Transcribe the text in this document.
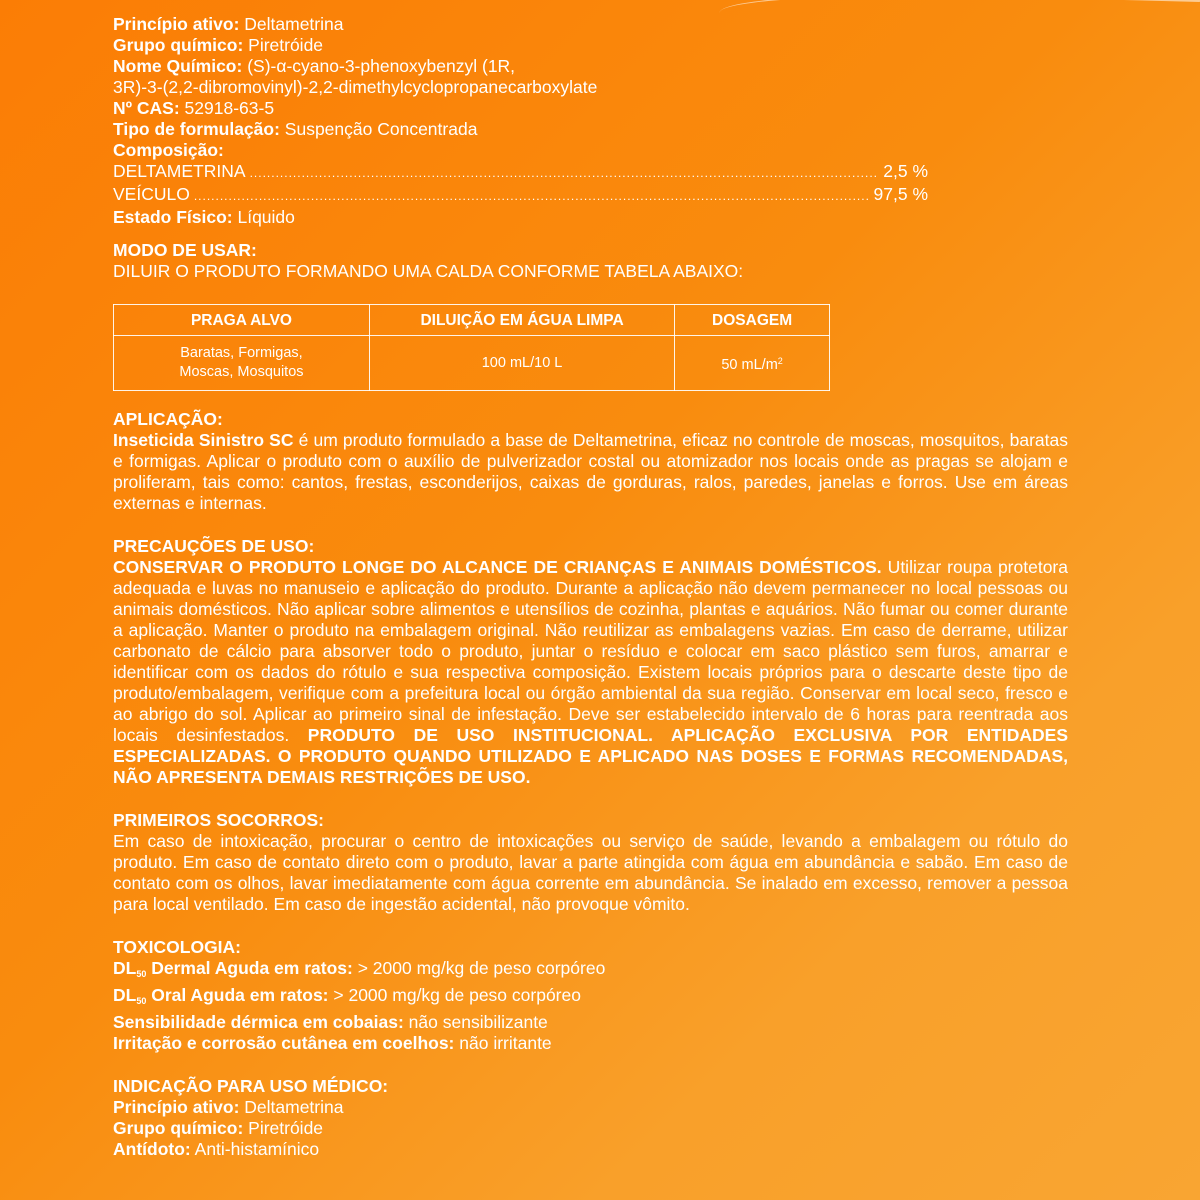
Princípio ativo: Deltametrina
Grupo químico: Piretróide
Nome Químico: (S)-α-cyano-3-phenoxybenzyl (1R,
3R)-3-(2,2-dibromovinyl)-2,2-dimethylcyclopropanecarboxylate
Nº CAS: 52918-63-5
Tipo de formulação: Suspenção Concentrada
Composição:
DELTAMETRINA .....	2,5 %
VEÍCULO .....	97,5 %
Estado Físico: Líquido
MODO DE USAR:
DILUIR O PRODUTO FORMANDO UMA CALDA CONFORME TABELA ABAIXO:
PRAGA ALVO	DILUIÇÃO EM ÁGUA LIMPA	DOSAGEM

Baratas, Formigas,
Moscas, Mosquitos	100 mL/10 L	50 $mL/m^2$
APLICAÇÃO:
Inseticida Sinistro SC é um produto formulado a base de Deltametrina, eficaz no controle de moscas, mosquitos, baratas e formigas. Aplicar o produto com o auxílio de pulverizador costal ou atomizador nos locais onde as pragas se alojam e proliferam, tais como: cantos, frestas, esconderijos, caixas de gorduras, ralos, paredes, janelas e forros. Use em áreas externas e internas.
PRECAUÇÕES DE USO:
CONSERVAR O PRODUTO LONGE DO ALCANCE DE CRIANÇAS E ANIMAIS DOMÉSTICOS. Utilizar roupa protetora adequada e luvas no manuseio e aplicação do produto. Durante a aplicação não devem permanecer no local pessoas ou animais domésticos. Não aplicar sobre alimentos e utensílios de cozinha, plantas e aquários. Não fumar ou comer durante a aplicação. Manter o produto na embalagem original. Não reutilizar as embalagens vazias. Em caso de derrame, utilizar carbonato de cálcio para absorver todo o produto, juntar o resíduo e colocar em saco plástico sem furos, amarrar e identificar com os dados do rótulo e sua respectiva composição. Existem locais próprios para o descarte deste tipo de produto/embalagem, verifique com a prefeitura local ou órgão ambiental da sua região. Conservar em local seco, fresco e ao abrigo do sol. Aplicar ao primeiro sinal de infestação. Deve ser estabelecido intervalo de 6 horas para reentrada aos locais desinfestados. PRODUTO DE USO INSTITUCIONAL. APLICAÇÃO EXCLUSIVA POR ENTIDADES ESPECIALIZADAS. O PRODUTO QUANDO UTILIZADO E APLICADO NAS DOSES E FORMAS RECOMENDADAS, NÃO APRESENTA DEMAIS RESTRIÇÕES DE USO.
PRIMEIROS SOCORROS:
Em caso de intoxicação, procurar o centro de intoxicações ou serviço de saúde, levando a embalagem ou rótulo do produto. Em caso de contato direto com o produto, lavar a parte atingida com água em abundância e sabão. Em caso de contato com os olhos, lavar imediatamente com água corrente em abundância. Se inalado em excesso, remover a pessoa para local ventilado. Em caso de ingestão acidental, não provoque vômito.
TOXICOLOGIA:
$DL_{50}$ Dermal Aguda em ratos: > 2000 mg/kg de peso corpóreo
$DL_{50}$ Oral Aguda em ratos: > 2000 mg/kg de peso corpóreo
Sensibilidade dérmica em cobaias: não sensibilizante
Irritação e corrosão cutânea em coelhos: não irritante
INDICAÇÃO PARA USO MÉDICO:
Princípio ativo: Deltametrina
Grupo químico: Piretróide
Antídoto: Anti-histamínico
